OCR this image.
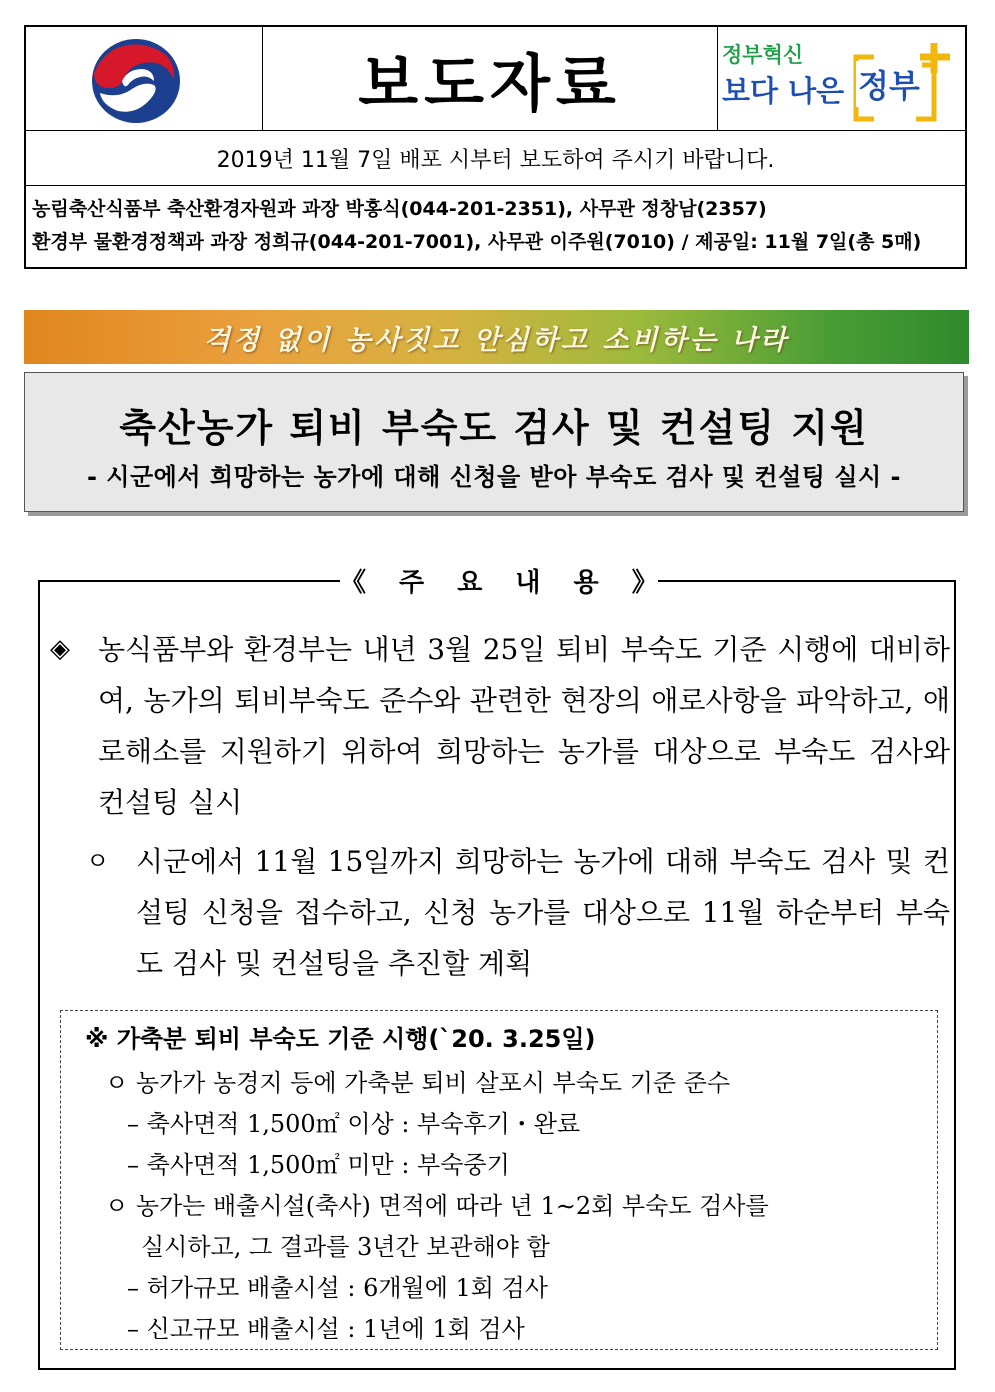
보도자료	정부혁신
보다 나은 정부
2019년 11월 7일 배포 시부터 보도하여 주시기 바랍니다.
농림축산식품부 축산환경자원과 과장 박홍식(044-201-2351), 사무관 정창남(2357)
환경부 물환경정책과 과장 정희규(044-201-7001), 사무관 이주원(7010) / 제공일: 11월 7일(총 5매)
걱정 없이 농사짓고 안심하고 소비하는 나라
축산농가 퇴비 부숙도 검사 및 컨설팅 지원
- 시군에서 희망하는 농가에 대해 신청을 받아 부숙도 검사 및 컨설팅 실시 -
《 주 요 내 용 》
◈ 농식품부와 환경부는 내년 3월 25일 퇴비 부숙도 기준 시행에 대비하여, 농가의 퇴비부숙도 준수와 관련한 현장의 애로사항을 파악하고, 애로해소를 지원하기 위하여 희망하는 농가를 대상으로 부숙도 검사와 컨설팅 실시
ㅇ 시군에서 11월 15일까지 희망하는 농가에 대해 부숙도 검사 및 컨설팅 신청을 접수하고, 신청 농가를 대상으로 11월 하순부터 부숙도 검사 및 컨설팅을 추진할 계획
※ 가축분 퇴비 부숙도 기준 시행(`20. 3.25일)
ㅇ 농가가 농경지 등에 가축분 퇴비 살포시 부숙도 기준 준수
– 축사면적 1,500㎡ 이상 : 부숙후기・완료
– 축사면적 1,500㎡ 미만 : 부숙중기
ㅇ 농가는 배출시설(축사) 면적에 따라 년 1∼2회 부숙도 검사를
실시하고, 그 결과를 3년간 보관해야 함
– 허가규모 배출시설 : 6개월에 1회 검사
– 신고규모 배출시설 : 1년에 1회 검사
